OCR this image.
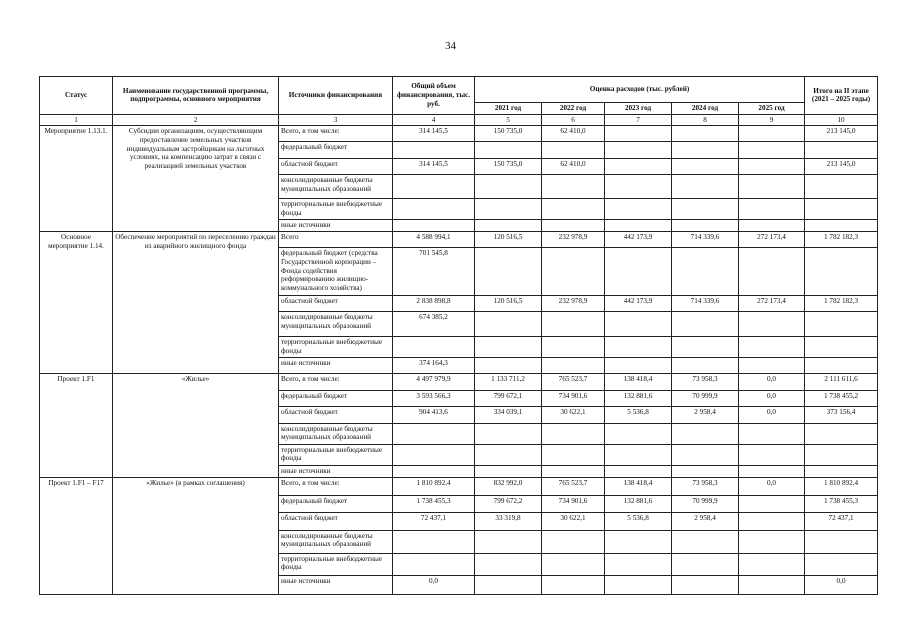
34
Статус	Наименование государственной программы, подпрограммы, основного мероприятия	Источники финансирования	Общий объем финансирования, тыс. руб.	Оценка расходов (тыс. рублей)					Итого на II этапе (2021 – 2025 годы)
				2021 год	2022 год	2023 год	2024 год	2025 год	
1	2	3	4	5	6	7	8	9	10
Мероприятие 1.13.1.	Субсидии организациям, осуществляющим предоставление земельных участков индивидуальным застройщикам на льготных условиях, на компенсацию затрат в связи с реализацией земельных участков	Всего, в том числе:	314 145,5	150 735,0	62 410,0				213 145,0
		федеральный бюджет							
		областной бюджет	314 145,5	150 735,0	62 410,0				213 145,0
		консолидированные бюджеты муниципальных образований							
		территориальные внебюджетные фонды							
		иные источники							
Основное мероприятие 1.14.	Обеспечение мероприятий по переселению граждан из аварийного жилищного фонда	Всего	4 588 994,1	120 516,5	232 978,9	442 173,9	714 339,6	272 173,4	1 782 182,3
		федеральный бюджет (средства Государственной корпорации – Фонда содействия реформированию жилищно-коммунального хозяйства)	701 545,8						
		областной бюджет	2 838 898,8	120 516,5	232 978,9	442 173,9	714 339,6	272 173,4	1 782 182,3
		консолидированные бюджеты муниципальных образований	674 385,2						
		территориальные внебюджетные фонды							
		иные источники	374 164,3						
Проект 1.F1	«Жилье»	Всего, в том числе:	4 497 979,9	1 133 711,2	765 523,7	138 418,4	73 958,3	0,0	2 111 611,6
		федеральный бюджет	3 593 566,3	799 672,1	734 901,6	132 881,6	70 999,9	0,0	1 738 455,2
		областной бюджет	904 413,6	334 039,1	30 622,1	5 536,8	2 958,4	0,0	373 156,4
		консолидированные бюджеты муниципальных образований							
		территориальные внебюджетные фонды							
		иные источники							
Проект 1.F1 – F17	«Жилье» (в рамках соглашения)	Всего, в том числе:	1 810 892,4	832 992,0	765 523,7	138 418,4	73 958,3	0,0	1 810 892,4
		федеральный бюджет	1 738 455,3	799 672,2	734 901,6	132 881,6	70 999,9		1 738 455,3
		областной бюджет	72 437,1	33 319,8	30 622,1	5 536,8	2 958,4		72 437,1
		консолидированные бюджеты муниципальных образований							
		территориальные внебюджетные фонды							
		иные источники	0,0						0,0
